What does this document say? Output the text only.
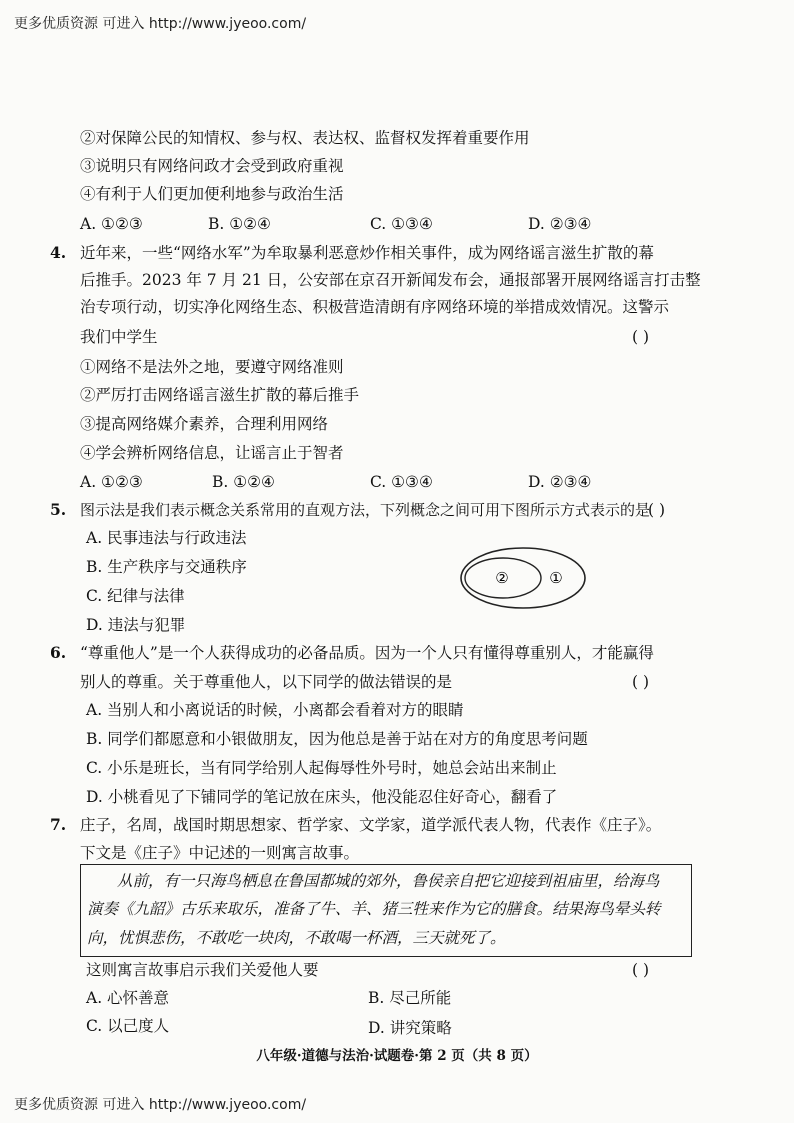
更多优质资源 可进入 http://www.jyeoo.com/
②对保障公民的知情权、参与权、表达权、监督权发挥着重要作用
③说明只有网络问政才会受到政府重视
④有利于人们更加便利地参与政治生活
A. ①②③	B. ①②④	C. ①③④	D. ②③④
4. 近年来，一些“网络水军”为牟取暴利恶意炒作相关事件，成为网络谣言滋生扩散的幕
后推手。2023 年 7 月 21 日，公安部在京召开新闻发布会，通报部署开展网络谣言打击整
治专项行动，切实净化网络生态、积极营造清朗有序网络环境的举措成效情况。这警示
我们中学生	( )
①网络不是法外之地，要遵守网络准则
②严厉打击网络谣言滋生扩散的幕后推手
③提高网络媒介素养，合理利用网络
④学会辨析网络信息，让谣言止于智者
A. ①②③	B. ①②④	C. ①③④	D. ②③④
5. 图示法是我们表示概念关系常用的直观方法，下列概念之间可用下图所示方式表示的是
( )
A. 民事违法与行政违法
B. 生产秩序与交通秩序
C. 纪律与法律
D. 违法与犯罪
②	①
6. “尊重他人”是一个人获得成功的必备品质。因为一个人只有懂得尊重别人，才能赢得
别人的尊重。关于尊重他人，以下同学的做法错误的是	( )
A. 当别人和小离说话的时候，小离都会看着对方的眼睛
B. 同学们都愿意和小银做朋友，因为他总是善于站在对方的角度思考问题
C. 小乐是班长，当有同学给别人起侮辱性外号时，她总会站出来制止
D. 小桃看见了下铺同学的笔记放在床头，他没能忍住好奇心，翻看了
7. 庄子，名周，战国时期思想家、哲学家、文学家，道学派代表人物，代表作《庄子》。
下文是《庄子》中记述的一则寓言故事。
从前，有一只海鸟栖息在鲁国都城的郊外，鲁侯亲自把它迎接到祖庙里，给海鸟
演奏《九韶》古乐来取乐，准备了牛、羊、猪三牲来作为它的膳食。结果海鸟晕头转
向，忧惧悲伤，不敢吃一块肉，不敢喝一杯酒，三天就死了。
这则寓言故事启示我们关爱他人要	( )
A. 心怀善意	B. 尽己所能
C. 以己度人	D. 讲究策略
八年级·道德与法治·试题卷·第 2 页（共 8 页）
更多优质资源 可进入 http://www.jyeoo.com/
